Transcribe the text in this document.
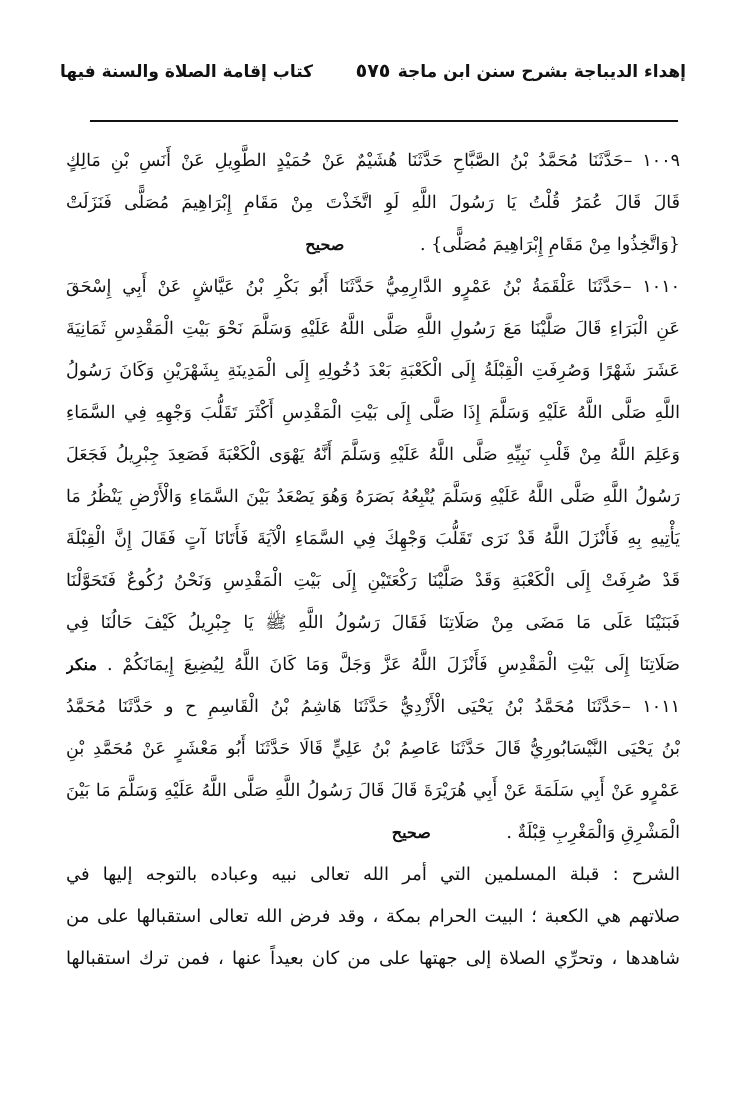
إهداء الديباجة بشرح سنن ابن ماجة
٥٧٥
كتاب إقامة الصلاة والسنة فيها
١٠٠٩ –حَدَّثَنَا مُحَمَّدُ بْنُ الصَّبَّاحِ حَدَّثَنَا هُشَيْمٌ عَنْ حُمَيْدٍ الطَّوِيلِ عَنْ أَنَسِ بْنِ مَالِكٍ
قَالَ قَالَ عُمَرُ قُلْتُ يَا رَسُولَ اللَّهِ لَوِ اتَّخَذْتَ مِنْ مَقَامِ إِبْرَاهِيمَ مُصَلًّى فَنَزَلَتْ
{وَاتَّخِذُوا مِنْ مَقَامِ إِبْرَاهِيمَ مُصَلًّى} . صحيح
١٠١٠ –حَدَّثَنَا عَلْقَمَةُ بْنُ عَمْرٍو الدَّارِمِيُّ حَدَّثَنَا أَبُو بَكْرِ بْنُ عَيَّاشٍ عَنْ أَبِي إِسْحَقَ
عَنِ الْبَرَاءِ قَالَ صَلَّيْنَا مَعَ رَسُولِ اللَّهِ صَلَّى اللَّهُ عَلَيْهِ وَسَلَّمَ نَحْوَ بَيْتِ الْمَقْدِسِ ثَمَانِيَةَ
عَشَرَ شَهْرًا وَصُرِفَتِ الْقِبْلَةُ إِلَى الْكَعْبَةِ بَعْدَ دُخُولِهِ إِلَى الْمَدِينَةِ بِشَهْرَيْنِ وَكَانَ رَسُولُ
اللَّهِ صَلَّى اللَّهُ عَلَيْهِ وَسَلَّمَ إِذَا صَلَّى إِلَى بَيْتِ الْمَقْدِسِ أَكْثَرَ تَقَلُّبَ وَجْهِهِ فِي السَّمَاءِ
وَعَلِمَ اللَّهُ مِنْ قَلْبِ نَبِيِّهِ صَلَّى اللَّهُ عَلَيْهِ وَسَلَّمَ أَنَّهُ يَهْوَى الْكَعْبَةَ فَصَعِدَ جِبْرِيلُ فَجَعَلَ
رَسُولُ اللَّهِ صَلَّى اللَّهُ عَلَيْهِ وَسَلَّمَ يُتْبِعُهُ بَصَرَهُ وَهُوَ يَصْعَدُ بَيْنَ السَّمَاءِ وَالْأَرْضِ يَنْظُرُ مَا
يَأْتِيهِ بِهِ فَأَنْزَلَ اللَّهُ قَدْ نَرَى تَقَلُّبَ وَجْهِكَ فِي السَّمَاءِ الْآيَةَ فَأَتَانَا آتٍ فَقَالَ إِنَّ الْقِبْلَةَ
قَدْ صُرِفَتْ إِلَى الْكَعْبَةِ وَقَدْ صَلَّيْنَا رَكْعَتَيْنِ إِلَى بَيْتِ الْمَقْدِسِ وَنَحْنُ رُكُوعٌ فَتَحَوَّلْنَا
فَبَنَيْنَا عَلَى مَا مَضَى مِنْ صَلَاتِنَا فَقَالَ رَسُولُ اللَّهِ ﷺ يَا جِبْرِيلُ كَيْفَ حَالُنَا فِي
صَلَاتِنَا إِلَى بَيْتِ الْمَقْدِسِ فَأَنْزَلَ اللَّهُ عَزَّ وَجَلَّ وَمَا كَانَ اللَّهُ لِيُضِيعَ إِيمَانَكُمْ . منكر
١٠١١ –حَدَّثَنَا مُحَمَّدُ بْنُ يَحْيَى الْأَزْدِيُّ حَدَّثَنَا هَاشِمُ بْنُ الْقَاسِمِ ح و حَدَّثَنَا مُحَمَّدُ
بْنُ يَحْيَى النَّيْسَابُورِيُّ قَالَ حَدَّثَنَا عَاصِمُ بْنُ عَلِيٍّ قَالَا حَدَّثَنَا أَبُو مَعْشَرٍ عَنْ مُحَمَّدِ بْنِ
عَمْرٍو عَنْ أَبِي سَلَمَةَ عَنْ أَبِي هُرَيْرَةَ قَالَ قَالَ رَسُولُ اللَّهِ صَلَّى اللَّهُ عَلَيْهِ وَسَلَّمَ مَا بَيْنَ
الْمَشْرِقِ وَالْمَغْرِبِ قِبْلَةٌ . صحيح
الشرح : قبلة المسلمين التي أمر الله تعالى نبيه وعباده بالتوجه إليها في
صلاتهم هي الكعبة ؛ البيت الحرام بمكة ، وقد فرض الله تعالى استقبالها على من
شاهدها ، وتحرِّي الصلاة إلى جهتها على من كان بعيداً عنها ، فمن ترك استقبالها
